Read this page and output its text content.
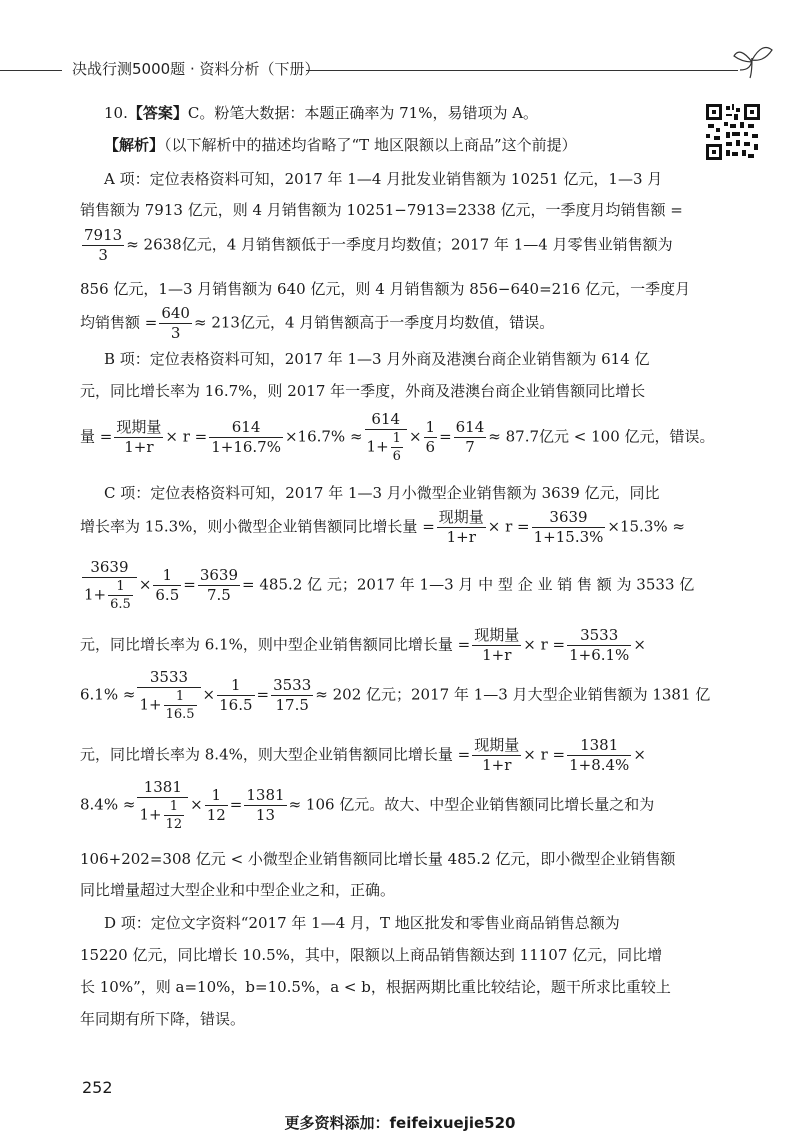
决战行测5000题 · 资料分析（下册）
10.【答案】C。粉笔大数据：本题正确率为 71%，易错项为 A。
【解析】（以下解析中的描述均省略了“T 地区限额以上商品”这个前提）
A 项：定位表格资料可知，2017 年 1—4 月批发业销售额为 10251 亿元，1—3 月
销售额为 7913 亿元，则 4 月销售额为 10251−7913=2338 亿元，一季度月均销售额 =
$\frac{7913}{3} \approx 2638$亿元，4 月销售额低于一季度月均数值；2017 年 1—4 月零售业销售额为
856 亿元，1—3 月销售额为 640 亿元，则 4 月销售额为 856−640=216 亿元，一季度月
均销售额 = $\frac{640}{3} \approx 213$亿元，4 月销售额高于一季度月均数值，错误。
B 项：定位表格资料可知，2017 年 1—3 月外商及港澳台商企业销售额为 614 亿
元，同比增长率为 16.7%，则 2017 年一季度，外商及港澳台商企业销售额同比增长
量 = $\frac{\text{现期量}}{1+r} \times r = \frac{614}{1+16.7\%} \times 16.7\% \approx \frac{614}{1+ \frac{1}{6}} \times \frac{1}{6} = \frac{614}{7} \approx 87.7$亿元 < 100 亿元，错误。
C 项：定位表格资料可知，2017 年 1—3 月小微型企业销售额为 3639 亿元，同比
增长率为 15.3%，则小微型企业销售额同比增长量 = $\frac{\text{现期量}}{1+r} \times r = \frac{3639}{1+15.3\%} \times 15.3\%$ ≈
$\frac{3639}{1+ \frac{1}{6.5}} \times \frac{1}{6.5} = \frac{3639}{7.5} = 485.2$ 亿 元；2017 年 1—3 月 中 型 企 业 销 售 额 为 3533 亿
元，同比增长率为 6.1%，则中型企业销售额同比增长量 = $\frac{\text{现期量}}{1+r} \times r = \frac{3533}{1+6.1\%}$ ×
$6.1\% \approx \frac{3533}{1+ \frac{1}{16.5}} \times \frac{1}{16.5} = \frac{3533}{17.5} \approx 202$ 亿元；2017 年 1—3 月大型企业销售额为 1381 亿
元，同比增长率为 8.4%，则大型企业销售额同比增长量 = $\frac{\text{现期量}}{1+r} \times r = \frac{1381}{1+8.4\%}$ ×
$8.4\% \approx \frac{1381}{1+ \frac{1}{12}} \times \frac{1}{12} = \frac{1381}{13} \approx 106$ 亿元。故大、中型企业销售额同比增长量之和为
106+202=308 亿元 < 小微型企业销售额同比增长量 485.2 亿元，即小微型企业销售额
同比增量超过大型企业和中型企业之和，正确。
D 项：定位文字资料“2017 年 1—4 月，T 地区批发和零售业商品销售总额为
15220 亿元，同比增长 10.5%，其中，限额以上商品销售额达到 11107 亿元，同比增
长 10%”，则 a=10%，b=10.5%，a < b，根据两期比重比较结论，题干所求比重较上
年同期有所下降，错误。
252
更多资料添加：feifeixuejie520
